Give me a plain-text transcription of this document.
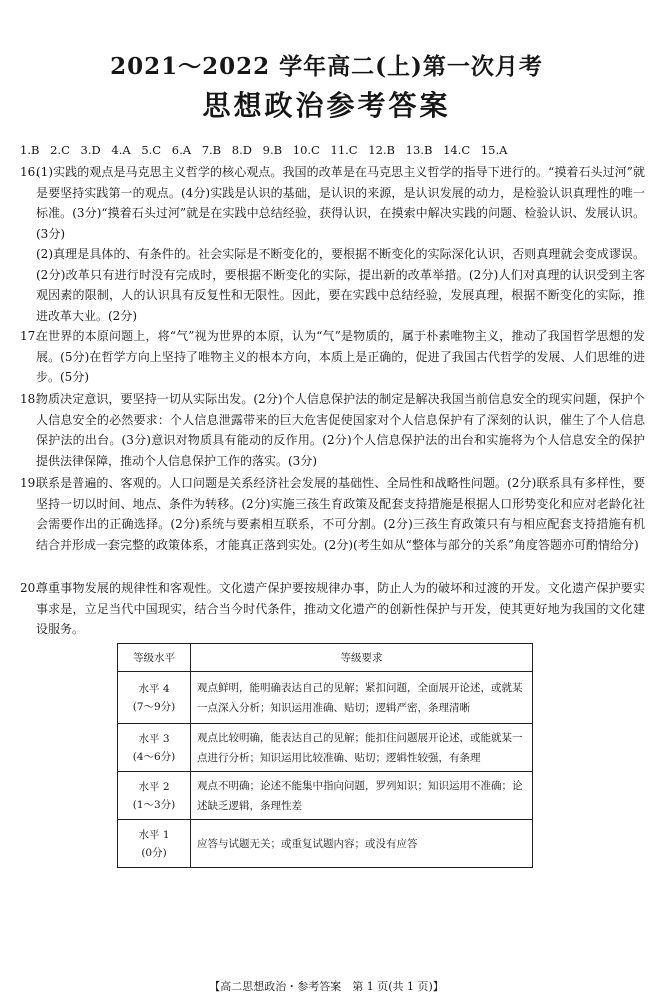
2021～2022 学年高二(上)第一次月考
思想政治参考答案
1.B 2.C 3.D 4.A 5.C 6.A 7.B 8.D 9.B 10.C 11.C 12.B 13.B 14.C 15.A
16.

(1)实践的观点是马克思主义哲学的核心观点。我国的改革是在马克思主义哲学的指导下进行的。“摸着石头过河”就是要坚持实践第一的观点。(4分)实践是认识的基础，是认识的来源，是认识发展的动力，是检验认识真理性的唯一标准。(3分)“摸着石头过河”就是在实践中总结经验，获得认识，在摸索中解决实践的问题、检验认识、发展认识。(3分)

(2)真理是具体的、有条件的。社会实际是不断变化的，要根据不断变化的实际深化认识，否则真理就会变成谬误。(2分)改革只有进行时没有完成时，要根据不断变化的实际，提出新的改革举措。(2分)人们对真理的认识受到主客观因素的限制，人的认识具有反复性和无限性。因此，要在实践中总结经验，发展真理，根据不断变化的实际，推进改革大业。(2分)

17.

在世界的本原问题上，将“气”视为世界的本原，认为“气”是物质的，属于朴素唯物主义，推动了我国哲学思想的发展。(5分)在哲学方向上坚持了唯物主义的根本方向，本质上是正确的，促进了我国古代哲学的发展、人们思维的进步。(5分)

18.

物质决定意识，要坚持一切从实际出发。(2分)个人信息保护法的制定是解决我国当前信息安全的现实问题，保护个人信息安全的必然要求：个人信息泄露带来的巨大危害促使国家对个人信息保护有了深刻的认识，催生了个人信息保护法的出台。(3分)意识对物质具有能动的反作用。(2分)个人信息保护法的出台和实施将为个人信息安全的保护提供法律保障，推动个人信息保护工作的落实。(3分)

19.

联系是普遍的、客观的。人口问题是关系经济社会发展的基础性、全局性和战略性问题。(2分)联系具有多样性，要坚持一切以时间、地点、条件为转移。(2分)实施三孩生育政策及配套支持措施是根据人口形势变化和应对老龄化社会需要作出的正确选择。(2分)系统与要素相互联系，不可分割。(2分)三孩生育政策只有与相应配套支持措施有机结合并形成一套完整的政策体系，才能真正落到实处。(2分)(考生如从“整体与部分的关系”角度答题亦可酌情给分)

20.

尊重事物发展的规律性和客观性。文化遗产保护要按规律办事，防止人为的破坏和过渡的开发。文化遗产保护要实事求是，立足当代中国现实，结合当今时代条件，推动文化遗产的创新性保护与开发，使其更好地为我国的文化建设服务。

等级水平	等级要求

水平 4
(7～9分)	观点鲜明，能明确表达自己的见解；紧扣问题，全面展开论述，或就某一点深入分析；知识运用准确、贴切；逻辑严密，条理清晰

水平 3
(4～6分)	观点比较明确，能表达自己的见解；能扣住问题展开论述，或能就某一点进行分析；知识运用比较准确、贴切；逻辑性较强，有条理

水平 2
(1～3分)	观点不明确；论述不能集中指向问题，罗列知识；知识运用不准确；论述缺乏逻辑，条理性差

水平 1
(0分)	应答与试题无关；或重复试题内容；或没有应答
【高二思想政治・参考答案　第 1 页(共 1 页)】
